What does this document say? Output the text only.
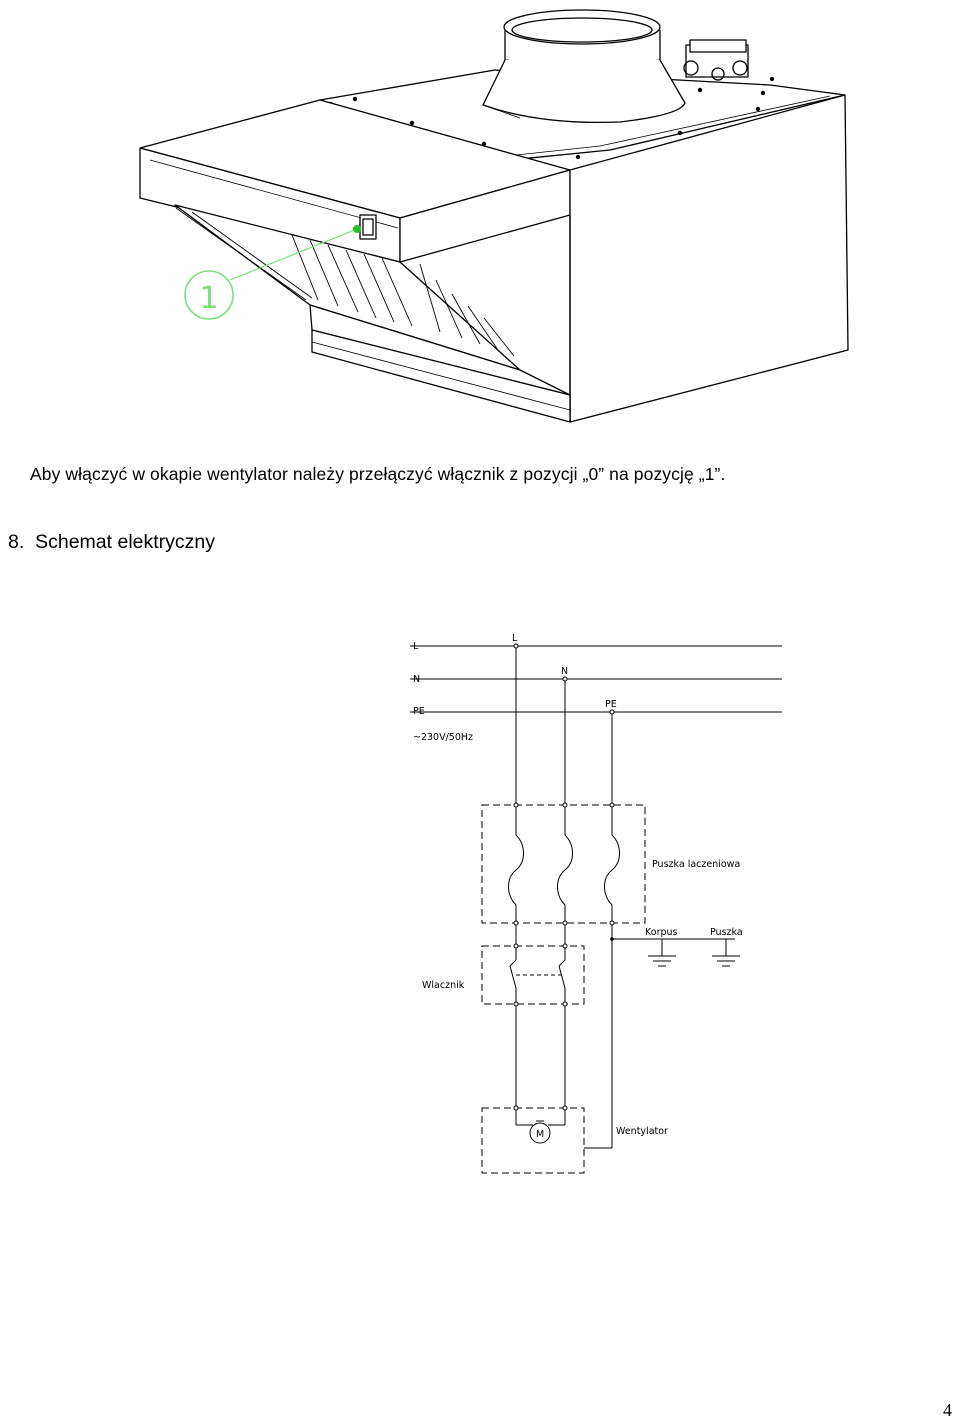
1
Aby włączyć w okapie wentylator należy przełączyć włącznik z pozycji „0” na pozycję „1”.
8. Schemat elektryczny
L
N
PE
~230V/50Hz
L
N
PE
Puszka laczeniowa
Korpus	Puszka
Wlacznik
M	Wentylator
4
